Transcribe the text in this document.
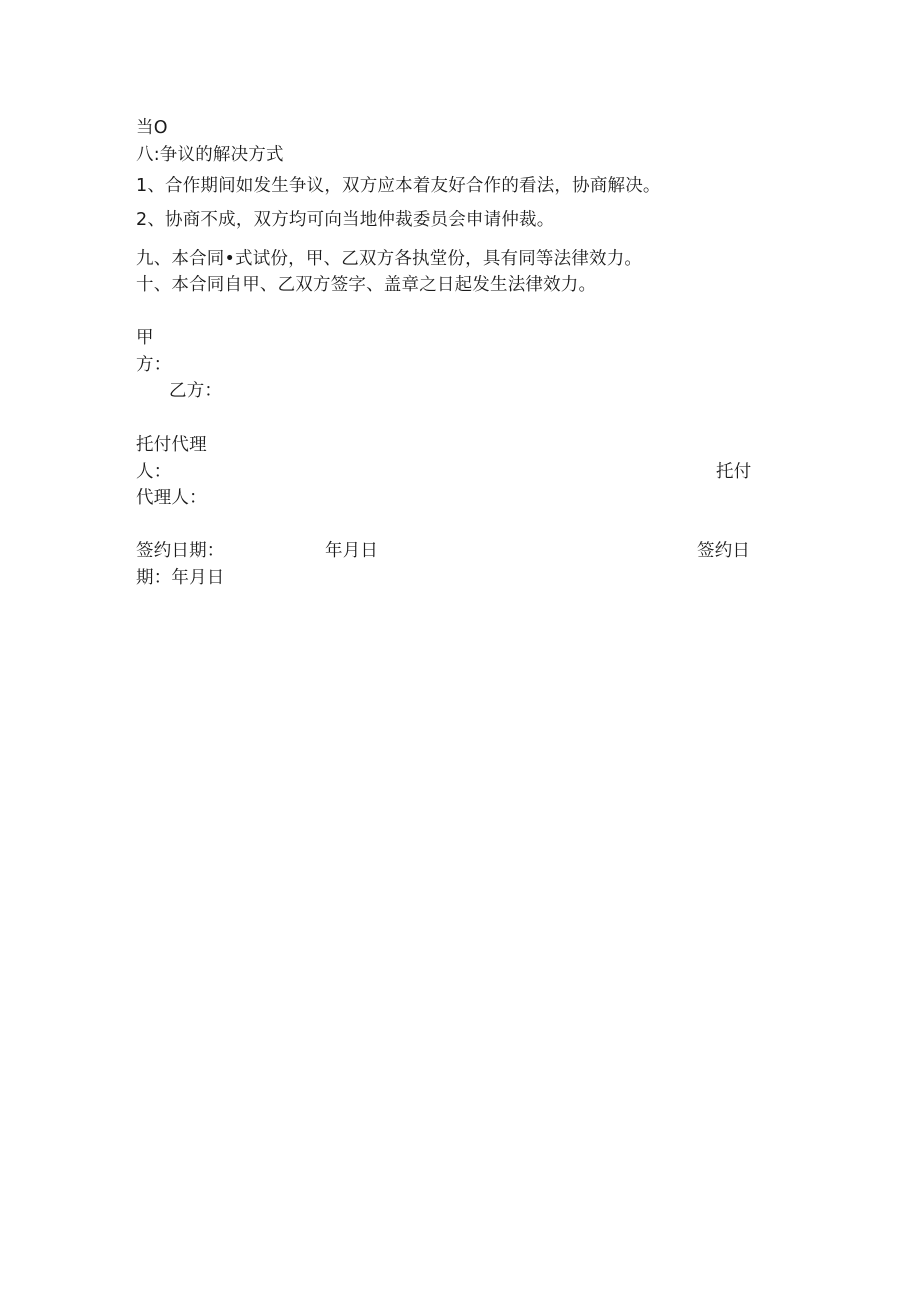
当O
八:争议的解决方式
1、合作期间如发生争议，双方应本着友好合作的看法，协商解决。
2、协商不成，双方均可向当地仲裁委员会申请仲裁。
九、本合同•式试份，甲、乙双方各执堂份，具有同等法律效力。
十、本合同自甲、乙双方签字、盖章之日起发生法律效力。
甲
方：
乙方：
托付代理
人：	托付
代理人：
签约日期：	年月日	签约日
期：年月日
